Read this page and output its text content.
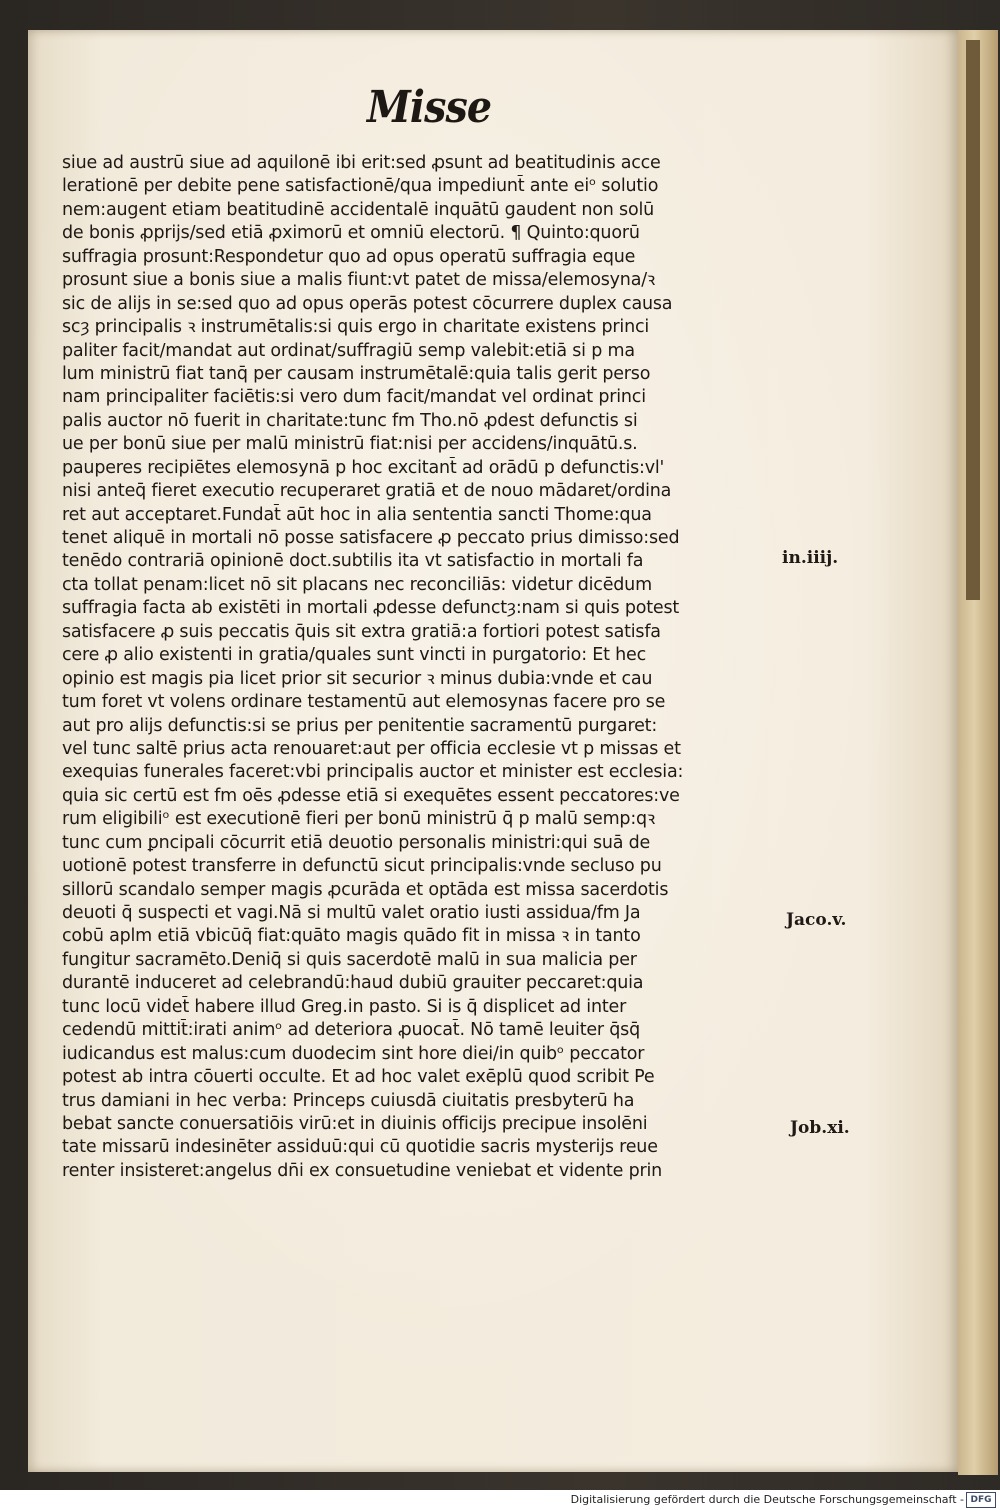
Misse
siue ad austrū siue ad aquilonē ibi erit:sed ꝓsunt ad beatitudinis acce
lerationē per debite pene satisfactionē/qua impediunt̄ ante eiᵒ solutio
nem:augent etiam beatitudinē accidentalē inquātū gaudent non solū
de bonis ꝓprijs/sed etiā ꝓximorū et omniū electorū. ¶ Quinto:quorū
suffragia prosunt:Respondetur quo ad opus operatū suffragia eque
prosunt siue a bonis siue a malis fiunt:vt patet de missa/elemosyna/ꝛ
sic de alijs in se:sed quo ad opus operās potest cōcurrere duplex causa
scȝ principalis ꝛ instrumētalis:si quis ergo in charitate existens princi
paliter facit/mandat aut ordinat/suffragiū semp valebit:etiā si p ma
lum ministrū fiat tanq̄ per causam instrumētalē:quia talis gerit perso
nam principaliter faciētis:si vero dum facit/mandat vel ordinat princi
palis auctor nō fuerit in charitate:tunc fm Tho.nō ꝓdest defunctis si
ue per bonū siue per malū ministrū fiat:nisi per accidens/inquātū.s.
pauperes recipiētes elemosynā p hoc excitant̄ ad orādū p defunctis:vl'
nisi anteq̄ fieret executio recuperaret gratiā et de nouo mādaret/ordina
ret aut acceptaret.Fundat̄ aūt hoc in alia sententia sancti Thome:qua
tenet aliquē in mortali nō posse satisfacere ꝓ peccato prius dimisso:sed
tenēdo contrariā opinionē doct.subtilis ita vt satisfactio in mortali fa
cta tollat penam:licet nō sit placans nec reconciliās: videtur dicēdum
suffragia facta ab existēti in mortali ꝓdesse defunctȝ:nam si quis potest
satisfacere ꝓ suis peccatis q̄uis sit extra gratiā:a fortiori potest satisfa
cere ꝓ alio existenti in gratia/quales sunt vincti in purgatorio: Et hec
opinio est magis pia licet prior sit securior ꝛ minus dubia:vnde et cau
tum foret vt volens ordinare testamentū aut elemosynas facere pro se
aut pro alijs defunctis:si se prius per penitentie sacramentū purgaret:
vel tunc saltē prius acta renouaret:aut per officia ecclesie vt p missas et
exequias funerales faceret:vbi principalis auctor et minister est ecclesia:
quia sic certū est fm oēs ꝓdesse etiā si exequētes essent peccatores:ve
rum eligibiliᵒ est executionē fieri per bonū ministrū q̄ p malū semp:qꝛ
tunc cum ꝑncipali cōcurrit etiā deuotio personalis ministri:qui suā de
uotionē potest transferre in defunctū sicut principalis:vnde secluso pu
sillorū scandalo semper magis ꝓcurāda et optāda est missa sacerdotis
deuoti q̄ suspecti et vagi.Nā si multū valet oratio iusti assidua/fm Ja
cobū aplm etiā vbicūq̄ fiat:quāto magis quādo fit in missa ꝛ in tanto
fungitur sacramēto.Deniq̄ si quis sacerdotē malū in sua malicia per
durantē induceret ad celebrandū:haud dubiū grauiter peccaret:quia
tunc locū videt̄ habere illud Greg.in pasto. Si is q̄ displicet ad inter
cedendū mittit̄:irati animᵒ ad deteriora ꝓuocat̄. Nō tamē leuiter q̄sq̄
iudicandus est malus:cum duodecim sint hore diei/in quibᵒ peccator
potest ab intra cōuerti occulte. Et ad hoc valet exēplū quod scribit Pe
trus damiani in hec verba: Princeps cuiusdā ciuitatis presbyterū ha
bebat sancte conuersatiōis virū:et in diuinis officijs precipue insolēni
tate missarū indesinēter assiduū:qui cū quotidie sacris mysterijs reue
renter insisteret:angelus dn̄i ex consuetudine veniebat et vidente prin
in.iiij.
Jaco.v.
Job.xi.
Digitalisierung gefördert durch die Deutsche Forschungsgemeinschaft - DFG
